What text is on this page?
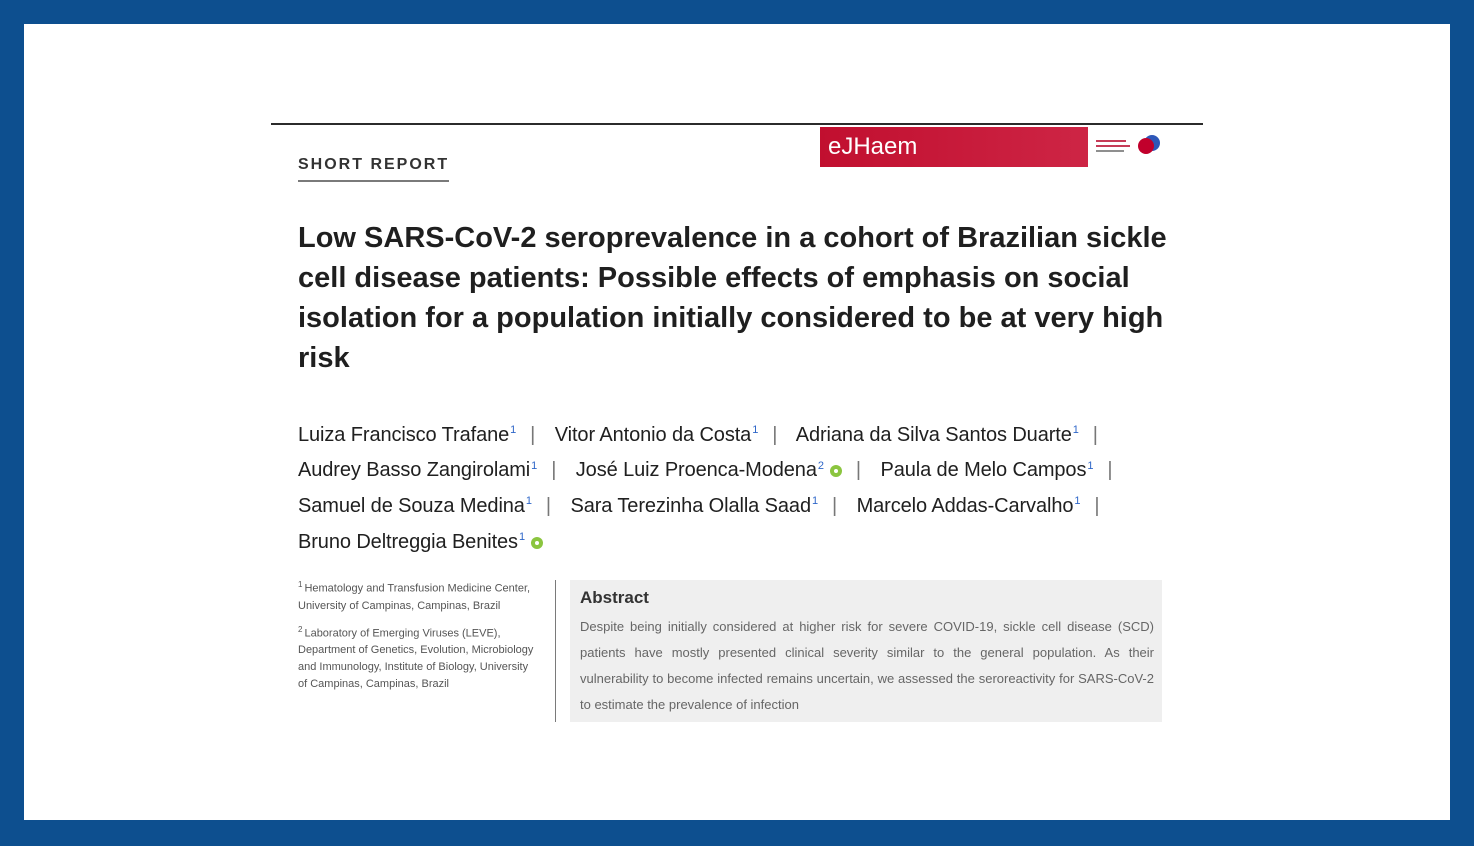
SHORT REPORT
eJHaem
Low SARS-CoV-2 seroprevalence in a cohort of Brazilian sickle cell disease patients: Possible effects of emphasis on social isolation for a population initially considered to be at very high risk
Luiza Francisco Trafane$^1$ | Vitor Antonio da Costa$^1$ | Adriana da Silva Santos Duarte$^1$ |
Audrey Basso Zangirolami$^1$ | José Luiz Proenca-Modena$^2$ | Paula de Melo Campos$^1$ |
Samuel de Souza Medina$^1$ | Sara Terezinha Olalla Saad$^1$ | Marcelo Addas-Carvalho$^1$ |
Bruno Deltreggia Benites$^1$
$^1$ Hematology and Transfusion Medicine Center, University of Campinas, Campinas, Brazil
$^2$ Laboratory of Emerging Viruses (LEVE), Department of Genetics, Evolution, Microbiology and Immunology, Institute of Biology, University of Campinas, Campinas, Brazil
Abstract
Despite being initially considered at higher risk for severe COVID-19, sickle cell disease (SCD) patients have mostly presented clinical severity similar to the general population. As their vulnerability to become infected remains uncertain, we assessed the seroreactivity for SARS-CoV-2 to estimate the prevalence of infection
